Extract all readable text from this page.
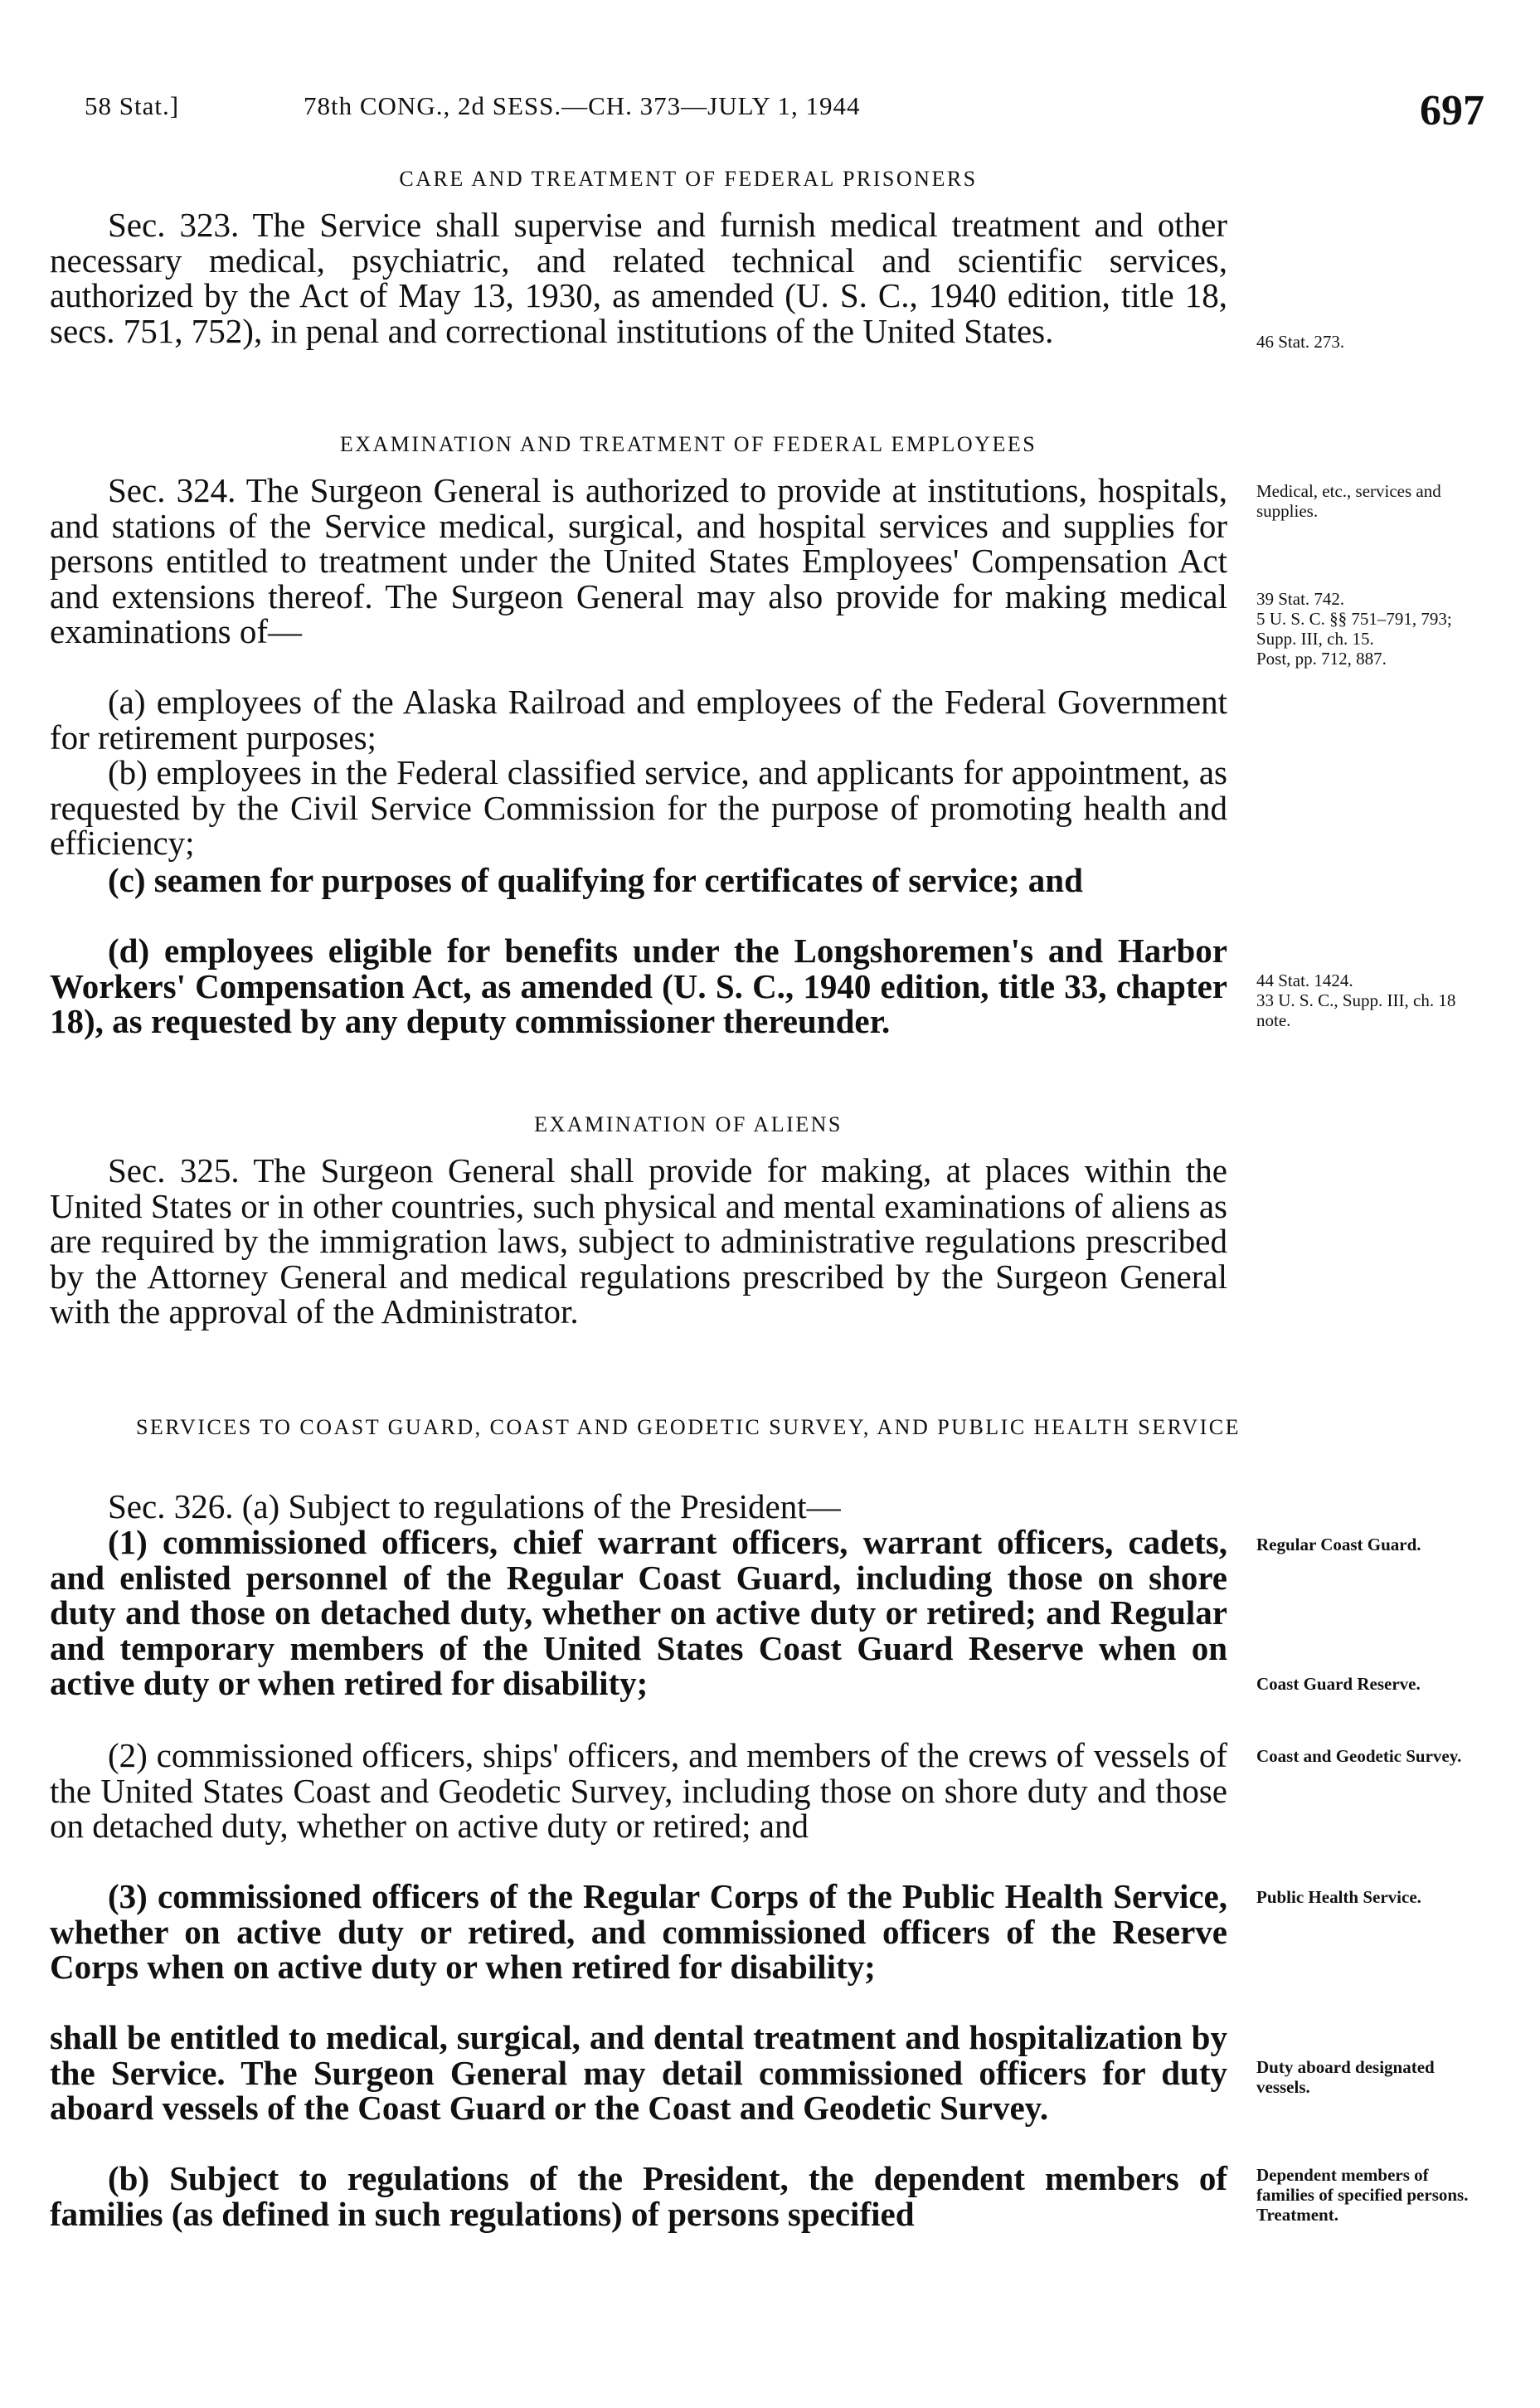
58 Stat.]	78th CONG., 2d SESS.—CH. 373—JULY 1, 1944	697
CARE AND TREATMENT OF FEDERAL PRISONERS
Sec. 323. The Service shall supervise and furnish medical treatment and other necessary medical, psychiatric, and related technical and scientific services, authorized by the Act of May 13, 1930, as amended (U. S. C., 1940 edition, title 18, secs. 751, 752), in penal and correctional institutions of the United States.	46 Stat. 273.
EXAMINATION AND TREATMENT OF FEDERAL EMPLOYEES
Sec. 324. The Surgeon General is authorized to provide at institutions, hospitals, and stations of the Service medical, surgical, and hospital services and supplies for persons entitled to treatment under the United States Employees' Compensation Act and extensions thereof. The Surgeon General may also provide for making medical examinations of—
(a) employees of the Alaska Railroad and employees of the Federal Government for retirement purposes;
(b) employees in the Federal classified service, and applicants for appointment, as requested by the Civil Service Commission for the purpose of promoting health and efficiency;
(c) seamen for purposes of qualifying for certificates of service; and
(d) employees eligible for benefits under the Longshoremen's and Harbor Workers' Compensation Act, as amended (U. S. C., 1940 edition, title 33, chapter 18), as requested by any deputy commissioner thereunder.
Medical, etc., services and supplies.
39 Stat. 742.
5 U. S. C. §§ 751–791, 793; Supp. III, ch. 15.
Post, pp. 712, 887.
44 Stat. 1424.
33 U. S. C., Supp. III, ch. 18 note.
EXAMINATION OF ALIENS
Sec. 325. The Surgeon General shall provide for making, at places within the United States or in other countries, such physical and mental examinations of aliens as are required by the immigration laws, subject to administrative regulations prescribed by the Attorney General and medical regulations prescribed by the Surgeon General with the approval of the Administrator.
SERVICES TO COAST GUARD, COAST AND GEODETIC SURVEY, AND PUBLIC HEALTH SERVICE
Sec. 326. (a) Subject to regulations of the President—
(1) commissioned officers, chief warrant officers, warrant officers, cadets, and enlisted personnel of the Regular Coast Guard, including those on shore duty and those on detached duty, whether on active duty or retired; and Regular and temporary members of the United States Coast Guard Reserve when on active duty or when retired for disability;
(2) commissioned officers, ships' officers, and members of the crews of vessels of the United States Coast and Geodetic Survey, including those on shore duty and those on detached duty, whether on active duty or retired; and
(3) commissioned officers of the Regular Corps of the Public Health Service, whether on active duty or retired, and commissioned officers of the Reserve Corps when on active duty or when retired for disability;
shall be entitled to medical, surgical, and dental treatment and hospitalization by the Service. The Surgeon General may detail commissioned officers for duty aboard vessels of the Coast Guard or the Coast and Geodetic Survey.
(b) Subject to regulations of the President, the dependent members of families (as defined in such regulations) of persons specified
Regular Coast Guard.
Coast Guard Reserve.
Coast and Geodetic Survey.
Public Health Service.
Duty aboard designated vessels.
Dependent members of families of specified persons.
Treatment.
